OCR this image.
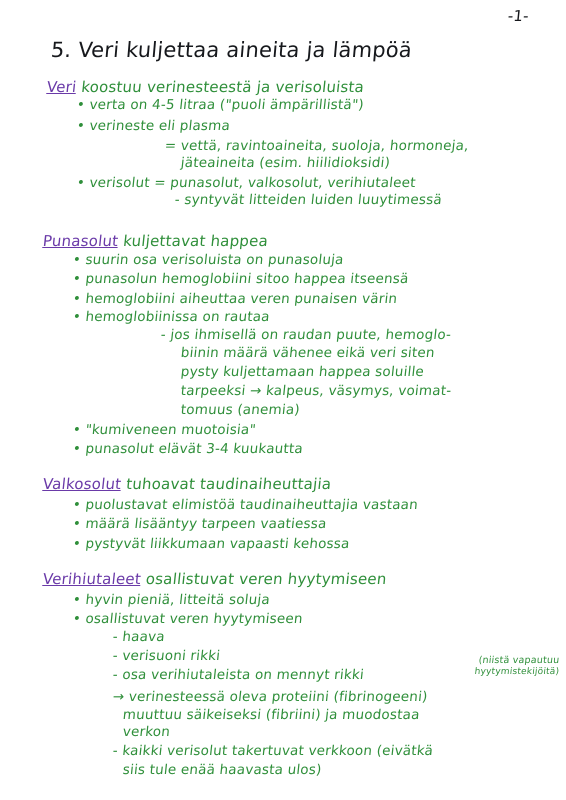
-1-
5. Veri kuljettaa aineita ja lämpöä
Veri koostuu verinesteestä ja verisoluista
• verta on 4-5 litraa ("puoli ämpärillistä")
• verineste eli plasma
= vettä, ravintoaineita, suoloja, hormoneja,
jäteaineita (esim. hiilidioksidi)
• verisolut = punasolut, valkosolut, verihiutaleet
- syntyvät litteiden luiden luuytimessä
Punasolut kuljettavat happea
• suurin osa verisoluista on punasoluja
• punasolun hemoglobiini sitoo happea itseensä
• hemoglobiini aiheuttaa veren punaisen värin
• hemoglobiinissa on rautaa
- jos ihmisellä on raudan puute, hemoglo-
biinin määrä vähenee eikä veri siten
pysty kuljettamaan happea soluille
tarpeeksi → kalpeus, väsymys, voimat-
tomuus (anemia)
• "kumiveneen muotoisia"
• punasolut elävät 3-4 kuukautta
Valkosolut tuhoavat taudinaiheuttajia
• puolustavat elimistöä taudinaiheuttajia vastaan
• määrä lisääntyy tarpeen vaatiessa
• pystyvät liikkumaan vapaasti kehossa
Verihiutaleet osallistuvat veren hyytymiseen
• hyvin pieniä, litteitä soluja
• osallistuvat veren hyytymiseen
- haava
- verisuoni rikki
- osa verihiutaleista on mennyt rikki
→ verinesteessä oleva proteiini (fibrinogeeni)
muuttuu säikeiseksi (fibriini) ja muodostaa
verkon
- kaikki verisolut takertuvat verkkoon (eivätkä
siis tule enää haavasta ulos)
(niistä vapautuu
hyytymistekijöitä)
